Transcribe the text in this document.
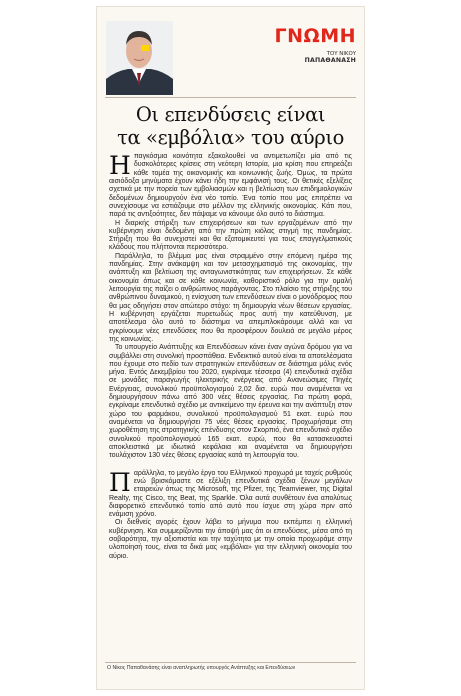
ΓΝΩΜΗ
ΤΟΥ ΝΙΚΟΥ
ΠΑΠΑΘΑΝΑΣΗ
Οι επενδύσεις είναι
τα «εμβόλια» του αύριο

Ηπαγκόσμια κοινότητα εξακολουθεί να αντιμετωπίζει μία από τις δυσκολότερες κρίσεις στη νεότερη Ιστορία, μια κρίση που επηρεάζει κάθε τομέα της οικονομικής και κοινωνικής ζωής. Όμως, τα πρώτα αισιόδοξα μηνύματα έχουν κάνει ήδη την εμφάνισή τους. Οι θετικές εξελίξεις σχετικά με την πορεία των εμβολιασμών και η βελτίωση των επιδημιολογικών δεδομένων δημιουργούν ένα νέο τοπίο. Ένα τοπίο που μας επιτρέπει να συνεχίσουμε να εστιάζουμε στο μέλλον της ελληνικής οικονομίας. Κάτι που, παρά τις αντιξοότητες, δεν πάψαμε να κάνουμε όλο αυτό το διάστημα.

Η διαρκής στήριξη των επιχειρήσεων και των εργαζομένων από την κυβέρνηση είναι δεδομένη από την πρώτη κιόλας στιγμή της πανδημίας. Στήριξη που θα συνεχιστεί και θα εξατομικευτεί για τους επαγγελματικούς κλάδους που πλήττονται περισσότερο.

Παράλληλα, το βλέμμα μας είναι στραμμένο στην επόμενη ημέρα της πανδημίας. Στην ανάκαμψη και τον μετασχηματισμό της οικονομίας, την ανάπτυξη και βελτίωση της ανταγωνιστικότητας των επιχειρήσεων. Σε κάθε οικονομία όπως και σε κάθε κοινωνία, καθοριστικό ρόλο για την ομαλή λειτουργία της παίζει ο ανθρώπινος παράγοντας. Στο πλαίσιο της στήριξης του ανθρώπινου δυναμικού, η ενίσχυση των επενδύσεων είναι ο μονόδρομος που θα μας οδηγήσει στον απώτερο στόχο: τη δημιουργία νέων θέσεων εργασίας. Η κυβέρνηση εργάζεται πυρετωδώς προς αυτή την κατεύθυνση, με αποτέλεσμα όλο αυτό το διάστημα να απεμπλοκάρουμε αλλά και να εγκρίνουμε νέες επενδύσεις που θα προσφέρουν δουλειά σε μεγάλο μέρος της κοινωνίας.

Το υπουργείο Ανάπτυξης και Επενδύσεων κάνει έναν αγώνα δρόμου για να συμβάλλει στη συνολική προσπάθεια. Ενδεικτικό αυτού είναι τα αποτελέσματα που έχουμε στο πεδίο των στρατηγικών επενδύσεων σε διάστημα μόλις ενός μήνα. Εντός Δεκεμβρίου του 2020, εγκρίναμε τέσσερα (4) επενδυτικά σχέδια σε μονάδες παραγωγής ηλεκτρικής ενέργειας από Ανανεώσιμες Πηγές Ενέργειας, συνολικού προϋπολογισμού 2,02 δισ. ευρώ που αναμένεται να δημιουργήσουν πάνω από 300 νέες θέσεις εργασίας. Για πρώτη φορά, εγκρίναμε επενδυτικό σχέδιο με αντικείμενο την έρευνα και την ανάπτυξη στον χώρο του φαρμάκου, συνολικού προϋπολογισμού 51 εκατ. ευρώ που αναμένεται να δημιουργήσει 75 νέες θέσεις εργασίας. Προχωρήσαμε στη χωροθέτηση της στρατηγικής επένδυσης στον Σκορπιό, ένα επενδυτικό σχέδιο συνολικού προϋπολογισμού 165 εκατ. ευρώ, που θα κατασκευαστεί αποκλειστικά με ιδιωτικά κεφάλαια και αναμένεται να δημιουργήσει τουλάχιστον 130 νέες θέσεις εργασίας κατά τη λειτουργία του.

Παράλληλα, το μεγάλο έργο του Ελληνικού προχωρά με ταχείς ρυθμούς ενώ βρισκόμαστε σε εξέλιξη επενδυτικά σχέδια ξένων μεγάλων εταιρειών όπως της Microsoft, της Pfizer, της Teamviewer, της Digital Realty, της Cisco, της Beat, της Sparkle. Όλα αυτά συνθέτουν ένα απολύτως διαφορετικό επενδυτικό τοπίο από αυτό που ίσχυε στη χώρα πριν από ενάμιση χρόνο.

Οι διεθνείς αγορές έχουν λάβει το μήνυμα που εκπέμπει η ελληνική κυβέρνηση. Και συμμερίζονται την άποψή μας ότι οι επενδύσεις, μέσα από τη σοβαρότητα, την αξιοπιστία και την ταχύτητα με την οποία προχωράμε στην υλοποίησή τους, είναι τα δικά μας «εμβόλια» για την ελληνική οικονομία του αύριο.

Ο Νίκος Παπαθανάσης είναι αναπληρωτής υπουργός Ανάπτυξης και Επενδύσεων
